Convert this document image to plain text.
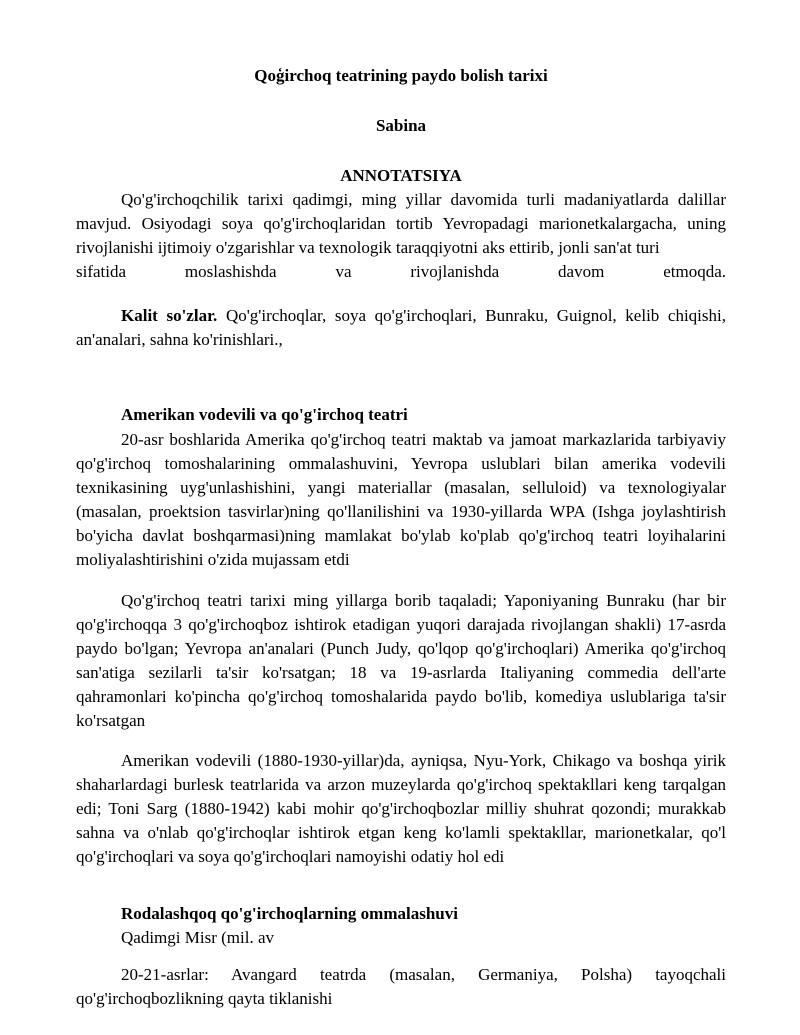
Qoģirchoq teatrining paydo bolish tarixi

Sabina

ANNOTATSIYA

Qo'g'irchoqchilik tarixi qadimgi, ming yillar davomida turli madaniyatlarda dalillar mavjud. Osiyodagi soya qo'g'irchoqlaridan tortib Yevropadagi marionetkalargacha, uning rivojlanishi ijtimoiy o'zgarishlar va texnologik taraqqiyotni aks ettirib, jonli san'at turi

sifatida moslashishda va rivojlanishda davom etmoqda.

Kalit so'zlar. Qo'g'irchoqlar, soya qo'g'irchoqlari, Bunraku, Guignol, kelib chiqishi, an'analari, sahna ko'rinishlari.,

Amerikan vodevili va qo'g'irchoq teatri

20-asr boshlarida Amerika qo'g'irchoq teatri maktab va jamoat markazlarida tarbiyaviy qo'g'irchoq tomoshalarining ommalashuvini, Yevropa uslublari bilan amerika vodevili texnikasining uyg'unlashishini, yangi materiallar (masalan, selluloid) va texnologiyalar (masalan, proektsion tasvirlar)ning qo'llanilishini va 1930-yillarda WPA (Ishga joylashtirish bo'yicha davlat boshqarmasi)ning mamlakat bo'ylab ko'plab qo'g'irchoq teatri loyihalarini moliyalashtirishini o'zida mujassam etdi

Qo'g'irchoq teatri tarixi ming yillarga borib taqaladi; Yaponiyaning Bunraku (har bir qo'g'irchoqqa 3 qo'g'irchoqboz ishtirok etadigan yuqori darajada rivojlangan shakli) 17-asrda paydo bo'lgan; Yevropa an'analari (Punch Judy, qo'lqop qo'g'irchoqlari) Amerika qo'g'irchoq san'atiga sezilarli ta'sir ko'rsatgan; 18 va 19-asrlarda Italiyaning commedia dell'arte qahramonlari ko'pincha qo'g'irchoq tomoshalarida paydo bo'lib, komediya uslublariga ta'sir ko'rsatgan

Amerikan vodevili (1880-1930-yillar)da, ayniqsa, Nyu-York, Chikago va boshqa yirik shaharlardagi burlesk teatrlarida va arzon muzeylarda qo'g'irchoq spektakllari keng tarqalgan edi; Toni Sarg (1880-1942) kabi mohir qo'g'irchoqbozlar milliy shuhrat qozondi; murakkab sahna va o'nlab qo'g'irchoqlar ishtirok etgan keng ko'lamli spektakllar, marionetkalar, qo'l qo'g'irchoqlari va soya qo'g'irchoqlari namoyishi odatiy hol edi

Rodalashqoq qo'g'irchoqlarning ommalashuvi

Qadimgi Misr (mil. av

20-21-asrlar: Avangard teatrda (masalan, Germaniya, Polsha) tayoqchali qo'g'irchoqbozlikning qayta tiklanishi
